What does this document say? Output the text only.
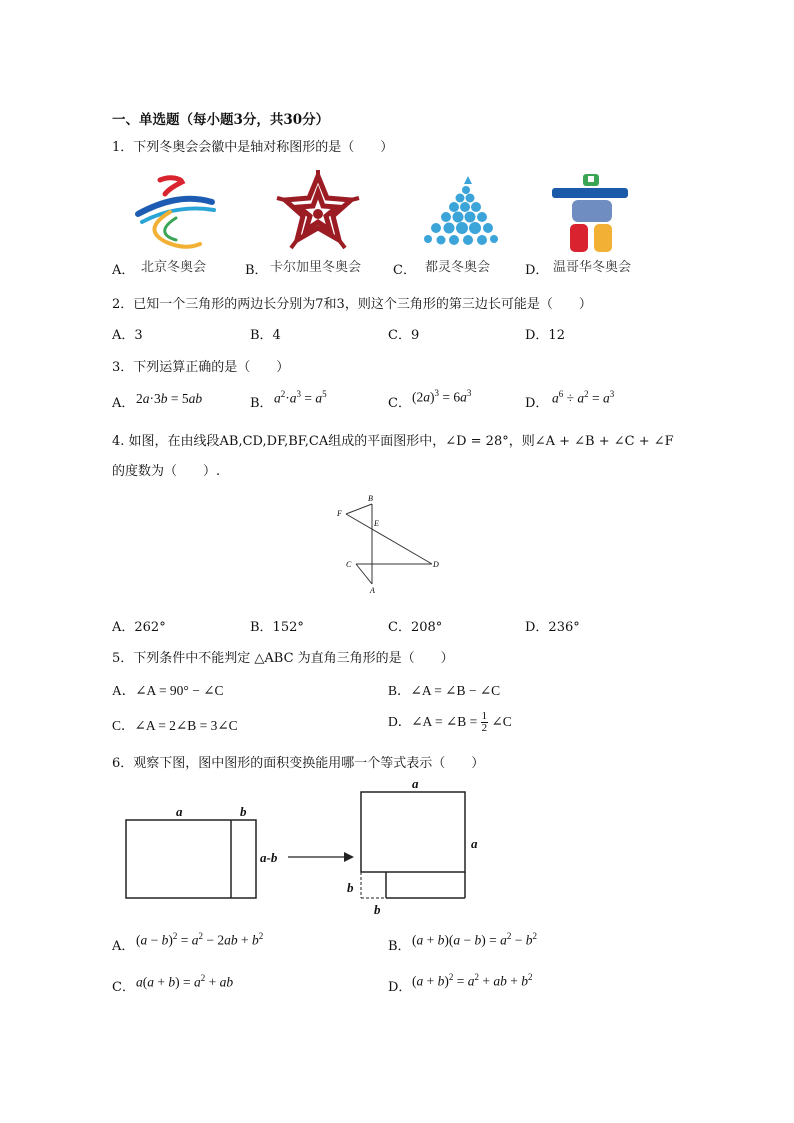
一、单选题（每小题3分，共30分）
1．下列冬奥会会徽中是轴对称图形的是（　　）
A． 北京冬奥会	B． 卡尔加里冬奥会 C． 都灵冬奥会	D． 温哥华冬奥会
2．已知一个三角形的两边长分别为7和3，则这个三角形的第三边长可能是（　　）
A．3	B．4	C．9	D．12
3．下列运算正确的是（　　）
A． 2a·3b = 5ab	B． $a^2\cdot a^3 = a^5$
C． $(2a)^3 = 6a^3$
D． $a^6 \div a^2 = a^3$
4. 如图，在由线段AB,CD,DF,BF,CA组成的平面图形中，∠D = 28°，则∠A + ∠B + ∠C + ∠F
的度数为（　　）.
B
F
E
C	D
A
A．262°	B．152°	C．208°	D．236°
5．下列条件中不能判定 △ABC 为直角三角形的是（　　）
A．∠A = 90° − ∠C	B．∠A = ∠B − ∠C
C．∠A = 2∠B = 3∠C	D．∠A = ∠B = $\frac{1}{2}$ ∠C
6．观察下图，图中图形的面积变换能用哪一个等式表示（　　）
a	b
a-b
a
a
b
b
A． $(a - b)^2 = a^2 - 2ab + b^2$
B． $(a + b)(a - b) = a^2 - b^2$
C． $a(a + b) = a^2$ + ab	D． $(a + b)^2 = a^2$ + ab + $b^2$
